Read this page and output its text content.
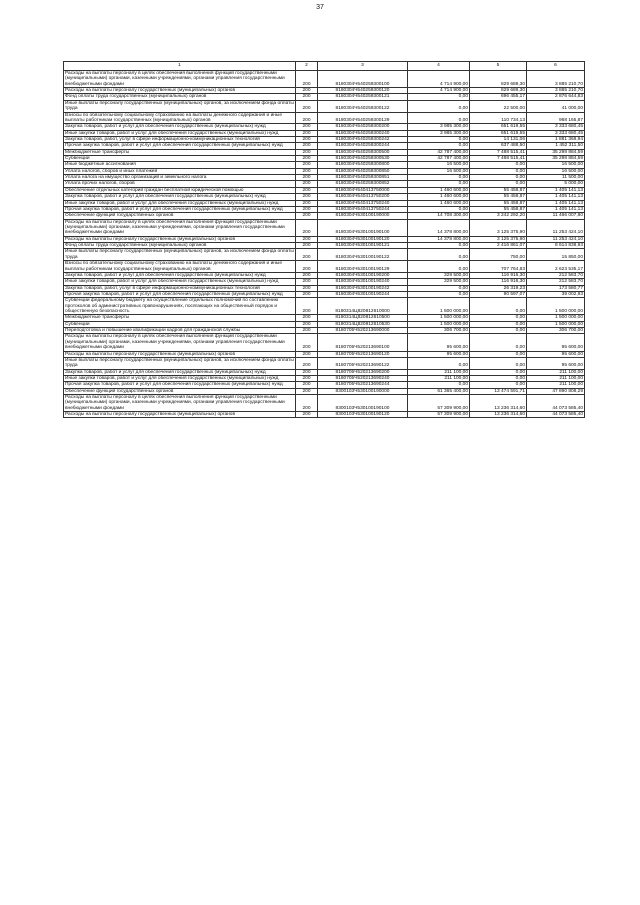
37
1	2	3	4	5	6
Расходы на выплаты персоналу в целях обеспечения выполнения функций государственными (муниципальными) органами, казенными учреждениями, органами управления государственными внебюджетными фондами	200	8180304Ч540259300100	4 714 900,00	829 689,30	3 885 210,70
Расходы на выплаты персоналу государственных (муниципальных) органов	200	8180304Ч540259300120	4 714 900,00	829 689,30	3 885 210,70
Фонд оплаты труда государственных (муниципальных) органов	200	8180304Ч540259300121	0,00	696 455,17	2 876 644,83
Иные выплаты персоналу государственных (муниципальных) органов, за исключением фонда оплаты труда	200	8180304Ч540259300122	0,00	22 500,00	41 000,00
Взносы по обязательному социальному страхованию на выплаты денежного содержания и иные выплаты работникам государственных (муниципальных) органов	200	8180304Ч540259300129	0,00	110 734,13	968 165,87
Закупка товаров, работ и услуг для обеспечения государственных (муниципальных) нужд	200	8180304Ч540259300200	3 985 300,00	651 619,55	3 333 680,45
Иные закупки товаров, работ и услуг для обеспечения государственных (муниципальных) нужд	200	8180304Ч540259300240	3 985 300,00	651 619,55	3 333 680,45
Закупка товаров, работ, услуг в сфере информационно-коммуникационных технологий	200	8180304Ч540259300242	0,00	14 131,06	1 881 368,94
Прочая закупка товаров, работ и услуг для обеспечения государственных (муниципальных) нужд	200	8180304Ч540259300244	0,00	637 488,50	1 452 311,50
Межбюджетные трансферты	200	8180304Ч540259300500	42 787 400,00	7 488 515,41	35 298 884,59
Субвенции	200	8180304Ч540259300530	42 787 400,00	7 488 515,41	35 298 884,59
Иные бюджетные ассигнования	200	8180304Ч540259300800	16 500,00	0,00	16 500,00
Уплата налогов, сборов и иных платежей	200	8180304Ч540259300850	16 500,00	0,00	16 500,00
Уплата налога на имущество организаций и земельного налога	200	8180304Ч540259300851	0,00	0,00	11 500,00
Уплата прочих налогов, сборов	200	8180304Ч540259300852	0,00	0,00	5 000,00
Обеспечение отдельных категорий граждан бесплатной юридической помощью	200	8180304Ч540413750000	1 460 600,00	55 458,87	1 405 141,13
Закупка товаров, работ и услуг для обеспечения государственных (муниципальных) нужд	200	8180304Ч540413750200	1 460 600,00	55 458,87	1 405 141,13
Иные закупки товаров, работ и услуг для обеспечения государственных (муниципальных) нужд	200	8180304Ч540413750240	1 460 600,00	55 458,87	1 405 141,13
Прочая закупка товаров, работ и услуг для обеспечения государственных (муниципальных) нужд	200	8180304Ч540413750244	0,00	55 458,87	1 405 141,13
Обеспечение функций государственных органов	200	8180304Ч530100190000	14 708 300,00	3 242 292,20	11 466 007,80
Расходы на выплаты персоналу в целях обеспечения выполнения функций государственными (муниципальными) органами, казенными учреждениями, органами управления государственными внебюджетными фондами	200	8180304Ч530100190100	14 378 800,00	3 125 375,90	11 253 424,10
Расходы на выплаты персоналу государственных (муниципальных) органов	200	8180304Ч530100190120	14 378 800,00	3 125 375,90	11 253 424,10
Фонд оплаты труда государственных (муниципальных) органов	200	8180304Ч530100190121	0,00	2 416 861,07	8 614 838,93
Иные выплаты персоналу государственных (муниципальных) органов, за исключением фонда оплаты труда	200	8180304Ч530100190122	0,00	750,00	15 850,00
Взносы по обязательному социальному страхованию на выплаты денежного содержания и иные выплаты работникам государственных (муниципальных) органов	200	8180304Ч530100190129	0,00	707 764,83	2 623 535,17
Закупка товаров, работ и услуг для обеспечения государственных (муниципальных) нужд	200	8180304Ч530100190200	329 500,00	116 916,30	212 583,70
Иные закупки товаров, работ и услуг для обеспечения государственных (муниципальных) нужд	200	8180304Ч530100190240	329 500,00	116 916,30	212 583,70
Закупка товаров, работ, услуг в сфере информационно-коммуникационных технологий	200	8180304Ч530100190242	0,00	26 319,23	173 580,77
Прочая закупка товаров, работ и услуг для обеспечения государственных (муниципальных) нужд	200	8180304Ч530100190244	0,00	90 597,07	39 002,93
Субвенции федеральному бюджету на осуществление отдельных полномочий по составлению протоколов об административных правонарушениях, посягающих на общественный порядок и общественную безопасность	200	8180314Ц820812610000	1 500 000,00	0,00	1 500 000,00
Межбюджетные трансферты	200	8180314Ц820812610500	1 500 000,00	0,00	1 500 000,00
Субвенции	200	8180314Ц820812610530	1 500 000,00	0,00	1 500 000,00
Переподготовка и повышение квалификации кадров для гражданской службы	200	8180705Ч520213690000	306 700,00	0,00	306 700,00
Расходы на выплаты персоналу в целях обеспечения выполнения функций государственными (муниципальными) органами, казенными учреждениями, органами управления государственными внебюджетными фондами	200	8180705Ч520213690100	95 600,00	0,00	95 600,00
Расходы на выплаты персоналу государственных (муниципальных) органов	200	8180705Ч520213690120	95 600,00	0,00	95 600,00
Иные выплаты персоналу государственных (муниципальных) органов, за исключением фонда оплаты труда	200	8180705Ч520213690122	0,00	0,00	95 600,00
Закупка товаров, работ и услуг для обеспечения государственных (муниципальных) нужд	200	8180705Ч520213690200	211 100,00	0,00	211 100,00
Иные закупки товаров, работ и услуг для обеспечения государственных (муниципальных) нужд	200	8180705Ч520213690240	211 100,00	0,00	211 100,00
Прочая закупка товаров, работ и услуг для обеспечения государственных (муниципальных) нужд	200	8180705Ч520213690244	0,00	0,00	211 100,00
Обеспечение функций государственных органов	200	8300103Ч530100190000	61 365 400,00	13 474 591,71	47 890 808,29
Расходы на выплаты персоналу в целях обеспечения выполнения функций государственными (муниципальными) органами, казенными учреждениями, органами управления государственными внебюджетными фондами	200	8300103Ч530100190100	57 309 900,00	13 236 314,60	44 073 585,40
Расходы на выплаты персоналу государственных (муниципальных) органов	200	8300103Ч530100190120	57 309 900,00	13 236 314,60	44 073 585,40
